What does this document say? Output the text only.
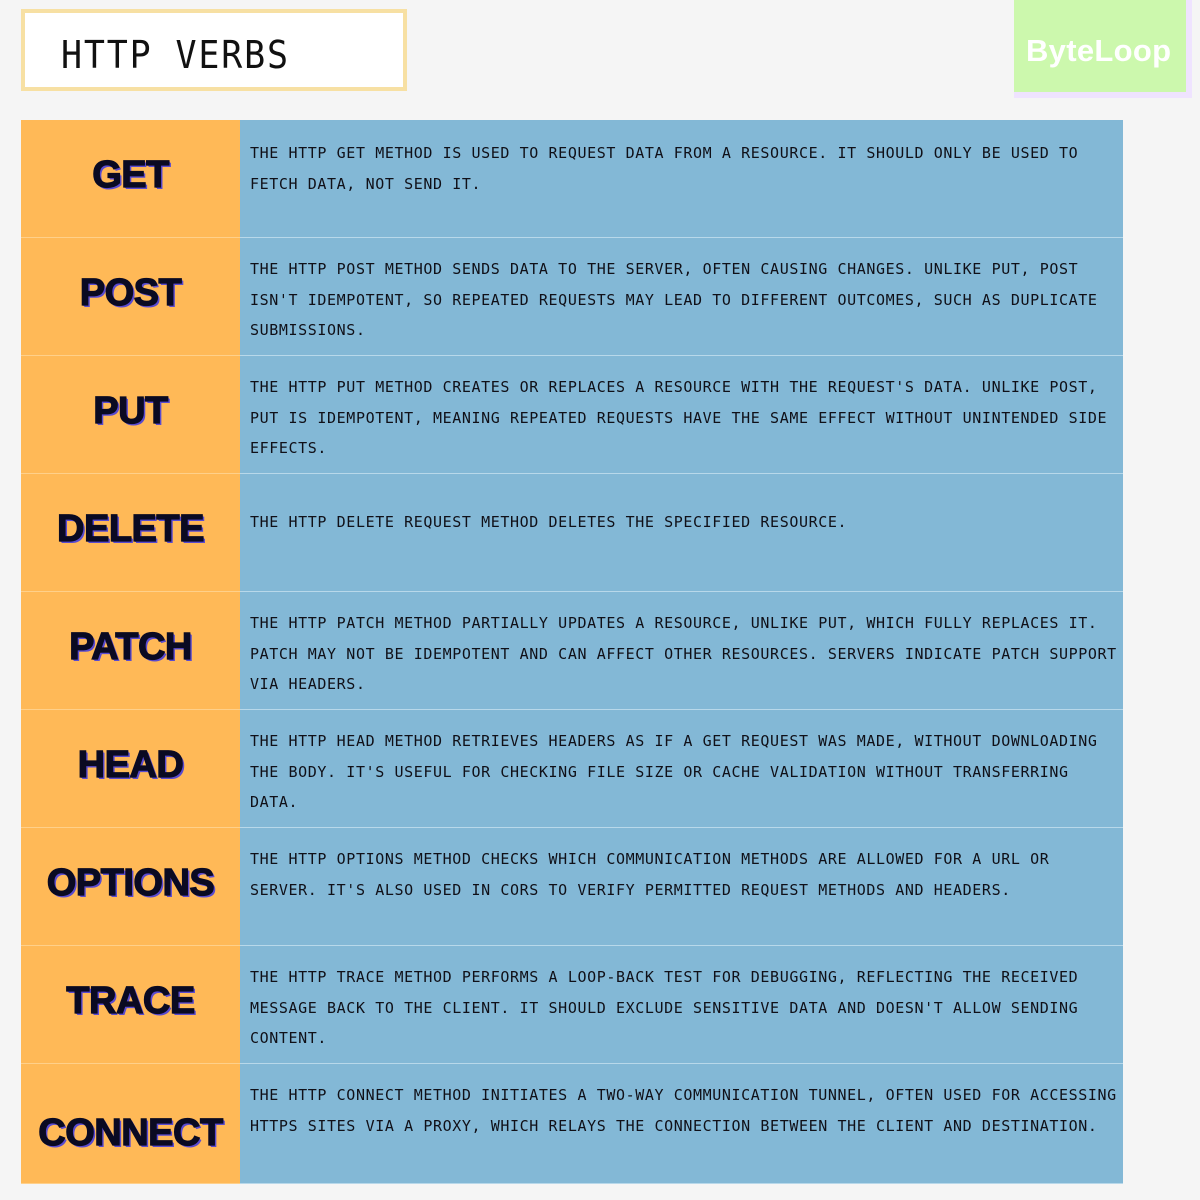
HTTP VERBS	ByteLoop
GET
THE HTTP GET METHOD IS USED TO REQUEST DATA FROM A RESOURCE. IT SHOULD ONLY BE USED TO FETCH DATA, NOT SEND IT.
POST
THE HTTP POST METHOD SENDS DATA TO THE SERVER, OFTEN CAUSING CHANGES. UNLIKE PUT, POST ISN'T IDEMPOTENT, SO REPEATED REQUESTS MAY LEAD TO DIFFERENT OUTCOMES, SUCH AS DUPLICATE SUBMISSIONS.
PUT
THE HTTP PUT METHOD CREATES OR REPLACES A RESOURCE WITH THE REQUEST'S DATA. UNLIKE POST, PUT IS IDEMPOTENT, MEANING REPEATED REQUESTS HAVE THE SAME EFFECT WITHOUT UNINTENDED SIDE EFFECTS.
DELETE	THE HTTP DELETE REQUEST METHOD DELETES THE SPECIFIED RESOURCE.
PATCH
THE HTTP PATCH METHOD PARTIALLY UPDATES A RESOURCE, UNLIKE PUT, WHICH FULLY REPLACES IT. PATCH MAY NOT BE IDEMPOTENT AND CAN AFFECT OTHER RESOURCES. SERVERS INDICATE PATCH SUPPORT VIA HEADERS.
HEAD
THE HTTP HEAD METHOD RETRIEVES HEADERS AS IF A GET REQUEST WAS MADE, WITHOUT DOWNLOADING THE BODY. IT'S USEFUL FOR CHECKING FILE SIZE OR CACHE VALIDATION WITHOUT TRANSFERRING DATA.
OPTIONS
THE HTTP OPTIONS METHOD CHECKS WHICH COMMUNICATION METHODS ARE ALLOWED FOR A URL OR SERVER. IT'S ALSO USED IN CORS TO VERIFY PERMITTED REQUEST METHODS AND HEADERS.
TRACE
THE HTTP TRACE METHOD PERFORMS A LOOP-BACK TEST FOR DEBUGGING, REFLECTING THE RECEIVED MESSAGE BACK TO THE CLIENT. IT SHOULD EXCLUDE SENSITIVE DATA AND DOESN'T ALLOW SENDING CONTENT.
CONNECT
THE HTTP CONNECT METHOD INITIATES A TWO-WAY COMMUNICATION TUNNEL, OFTEN USED FOR ACCESSING HTTPS SITES VIA A PROXY, WHICH RELAYS THE CONNECTION BETWEEN THE CLIENT AND DESTINATION.
